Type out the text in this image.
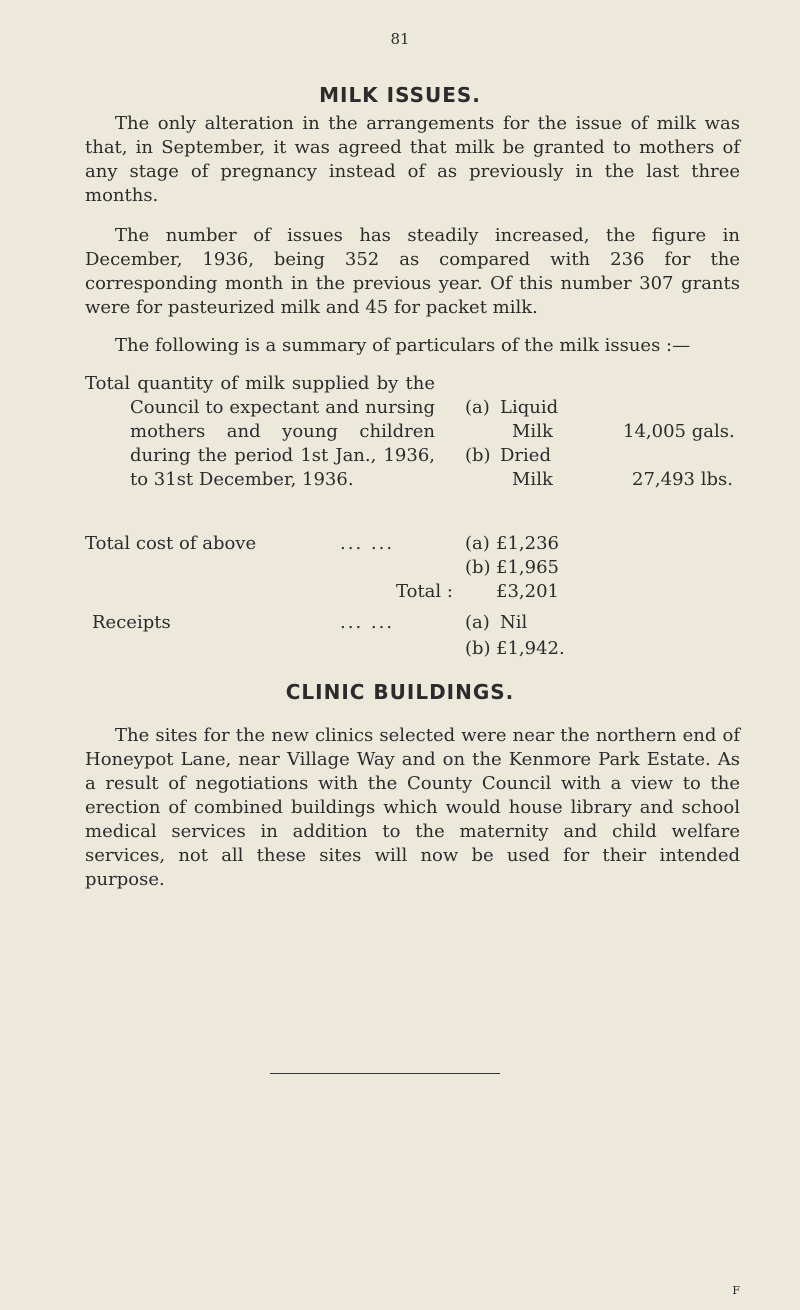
81
MILK ISSUES.

The only alteration in the arrangements for the issue of milk was that, in September, it was agreed that milk be granted to mothers of any stage of pregnancy instead of as previously in the last three months.

The number of issues has steadily increased, the figure in December, 1936, being 352 as compared with 236 for the corresponding month in the previous year. Of this number 307 grants were for pasteurized milk and 45 for packet milk.

The following is a summary of particulars of the milk issues :—

Total quantity of milk supplied by the Council to expectant and nursing mothers and young children during the period 1st Jan., 1936, to 31st December, 1936.

(a) Liquid
Milk	14,005 gals.
(b) Dried
Milk	27,493 lbs.
Total cost of above	... ...	(a) £1,236
(b) £1,965
Total : £3,201
Receipts	... ...	(a) Nil
(b) £1,942.
CLINIC BUILDINGS.

The sites for the new clinics selected were near the northern end of Honeypot Lane, near Village Way and on the Kenmore Park Estate. As a result of negotiations with the County Council with a view to the erection of combined buildings which would house library and school medical services in addition to the maternity and child welfare services, not all these sites will now be used for their intended purpose.

F
